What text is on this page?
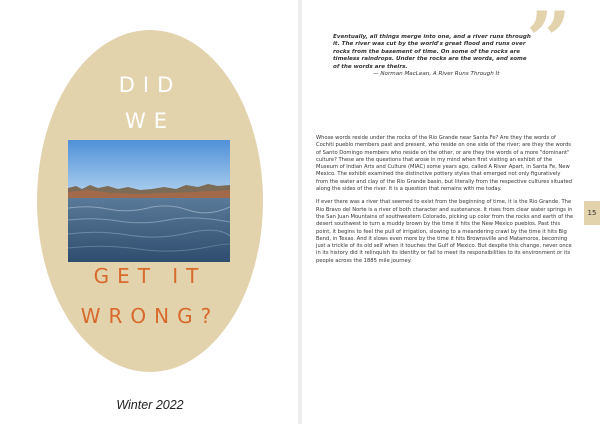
DID
WE
GET IT
WRONG?
Winter 2022

Eventually, all things merge into one, and a river runs through it. The river was cut by the world's great flood and runs over rocks from the basement of time. On some of the rocks are timeless raindrops. Under the rocks are the words, and some of the words are theirs.

— Norman MacLean, A River Runs Through It ”

Whose words reside under the rocks of the Rio Grande near Santa Fe? Are they the words of Cochiti pueblo members past and present, who reside on one side of the river; are they the words of Santo Domingo members who reside on the other, or are they the words of a more "dominant" culture? These are the questions that arose in my mind when first visiting an exhibit of the Museum of Indian Arts and Culture (MIAC) some years ago, called A River Apart, in Santa Fe, New Mexico. The exhibit examined the distinctive pottery styles that emerged not only figuratively from the water and clay of the Rio Grande basin, but literally from the respective cultures situated along the sides of the river. It is a question that remains with me today.

If ever there was a river that seemed to exist from the beginning of time, it is the Rio Grande. The Rio Bravo del Norte is a river of both character and sustenance. It rises from clear water springs in the San Juan Mountains of southwestern Colorado, picking up color from the rocks and earth of the desert southwest to turn a muddy brown by the time it hits the New Mexico pueblos. Past this point, it begins to feel the pull of irrigation, slowing to a meandering crawl by the time it hits Big Bend, in Texas. And it slows even more by the time it hits Brownsville and Matamoros, becoming just a trickle of its old self when it touches the Gulf of Mexico. But despite this change, never once in its history did it relinquish its identity or fail to meet its responsibilities to its environment or its people across the 1885 mile journey.

15
